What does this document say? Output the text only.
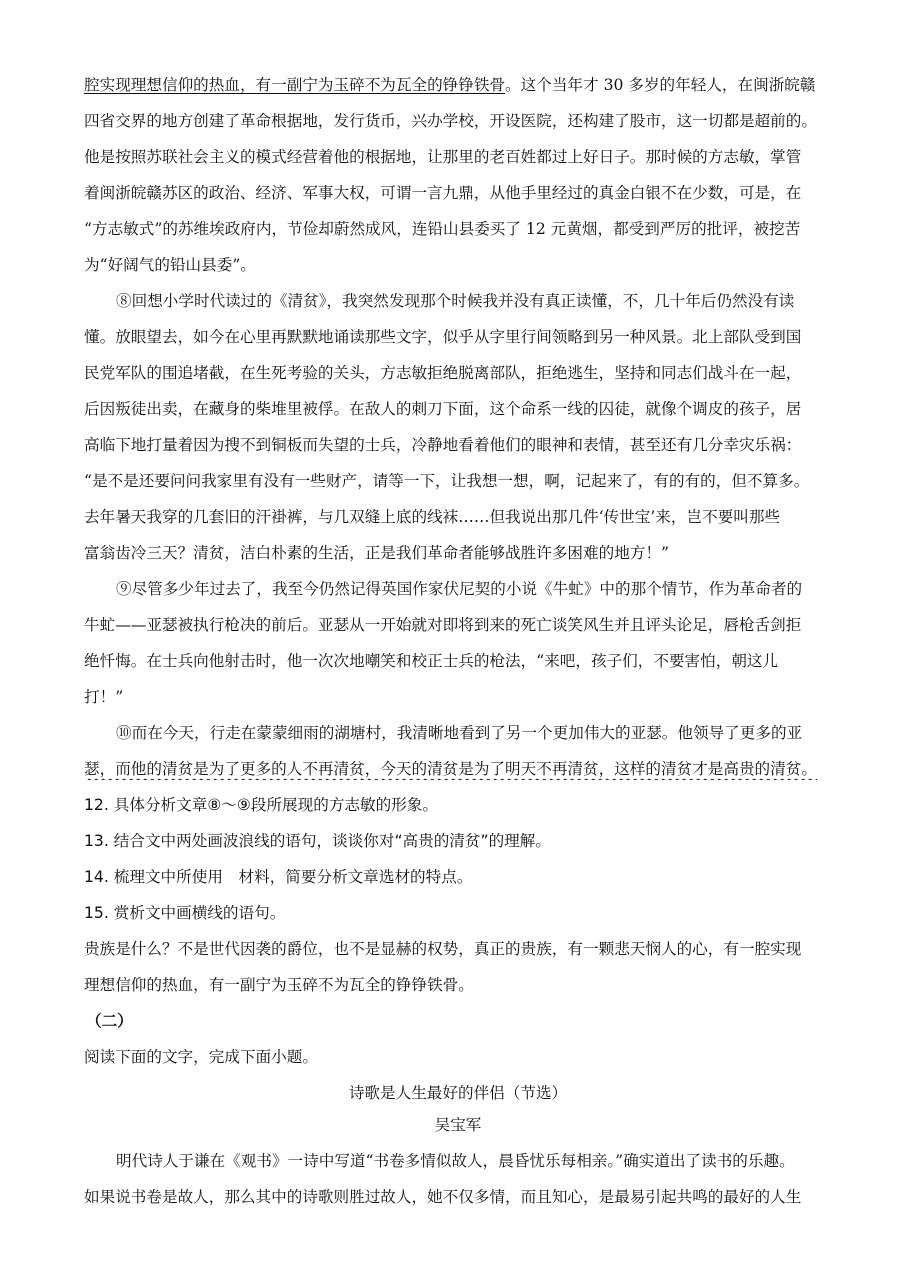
腔实现理想信仰的热血，有一副宁为玉碎不为瓦全的铮铮铁骨。这个当年才 30 多岁的年轻人，在闽浙皖赣
四省交界的地方创建了革命根据地，发行货币，兴办学校，开设医院，还构建了股市，这一切都是超前的。
他是按照苏联社会主义的模式经营着他的根据地，让那里的老百姓都过上好日子。那时候的方志敏，掌管
着闽浙皖赣苏区的政治、经济、军事大权，可谓一言九鼎，从他手里经过的真金白银不在少数，可是，在
“方志敏式”的苏维埃政府内，节俭却蔚然成风，连铅山县委买了 12 元黄烟，都受到严厉的批评，被挖苦
为“好阔气的铅山县委”。
⑧回想小学时代读过的《清贫》，我突然发现那个时候我并没有真正读懂，不，几十年后仍然没有读
懂。放眼望去，如今在心里再默默地诵读那些文字，似乎从字里行间领略到另一种风景。北上部队受到国
民党军队的围追堵截，在生死考验的关头，方志敏拒绝脱离部队，拒绝逃生，坚持和同志们战斗在一起，
后因叛徒出卖，在藏身的柴堆里被俘。在敌人的刺刀下面，这个命系一线的囚徒，就像个调皮的孩子，居
高临下地打量着因为搜不到铜板而失望的士兵，冷静地看着他们的眼神和表情，甚至还有几分幸灾乐祸：
“是不是还要问问我家里有没有一些财产，请等一下，让我想一想，啊，记起来了，有的有的，但不算多。
去年暑天我穿的几套旧的汗褂裤，与几双缝上底的线袜……但我说出那几件‘传世宝’来，岂不要叫那些
富翁齿冷三天？清贫，洁白朴素的生活，正是我们革命者能够战胜许多困难的地方！”
⑨尽管多少年过去了，我至今仍然记得英国作家伏尼契的小说《牛虻》中的那个情节，作为革命者的
牛虻——亚瑟被执行枪决的前后。亚瑟从一开始就对即将到来的死亡谈笑风生并且评头论足，唇枪舌剑拒
绝忏悔。在士兵向他射击时，他一次次地嘲笑和校正士兵的枪法，“来吧，孩子们，不要害怕，朝这儿
打！”
⑩而在今天，行走在蒙蒙细雨的湖塘村，我清晰地看到了另一个更加伟大的亚瑟。他领导了更多的亚
瑟，而他的清贫是为了更多的人不再清贫，今天的清贫是为了明天不再清贫，这样的清贫才是高贵的清贫。
12. 具体分析文章⑧～⑨段所展现的方志敏的形象。
13. 结合文中两处画波浪线的语句，谈谈你对“高贵的清贫”的理解。
14. 梳理文中所使用　材料，简要分析文章选材的特点。
15. 赏析文中画横线的语句。
贵族是什么？不是世代因袭的爵位，也不是显赫的权势，真正的贵族，有一颗悲天悯人的心，有一腔实现
理想信仰的热血，有一副宁为玉碎不为瓦全的铮铮铁骨。
（二）
阅读下面的文字，完成下面小题。
诗歌是人生最好的伴侣（节选）
吴宝军
明代诗人于谦在《观书》一诗中写道“书卷多情似故人，晨昏忧乐每相亲。”确实道出了读书的乐趣。
如果说书卷是故人，那么其中的诗歌则胜过故人，她不仅多情，而且知心，是最易引起共鸣的最好的人生
